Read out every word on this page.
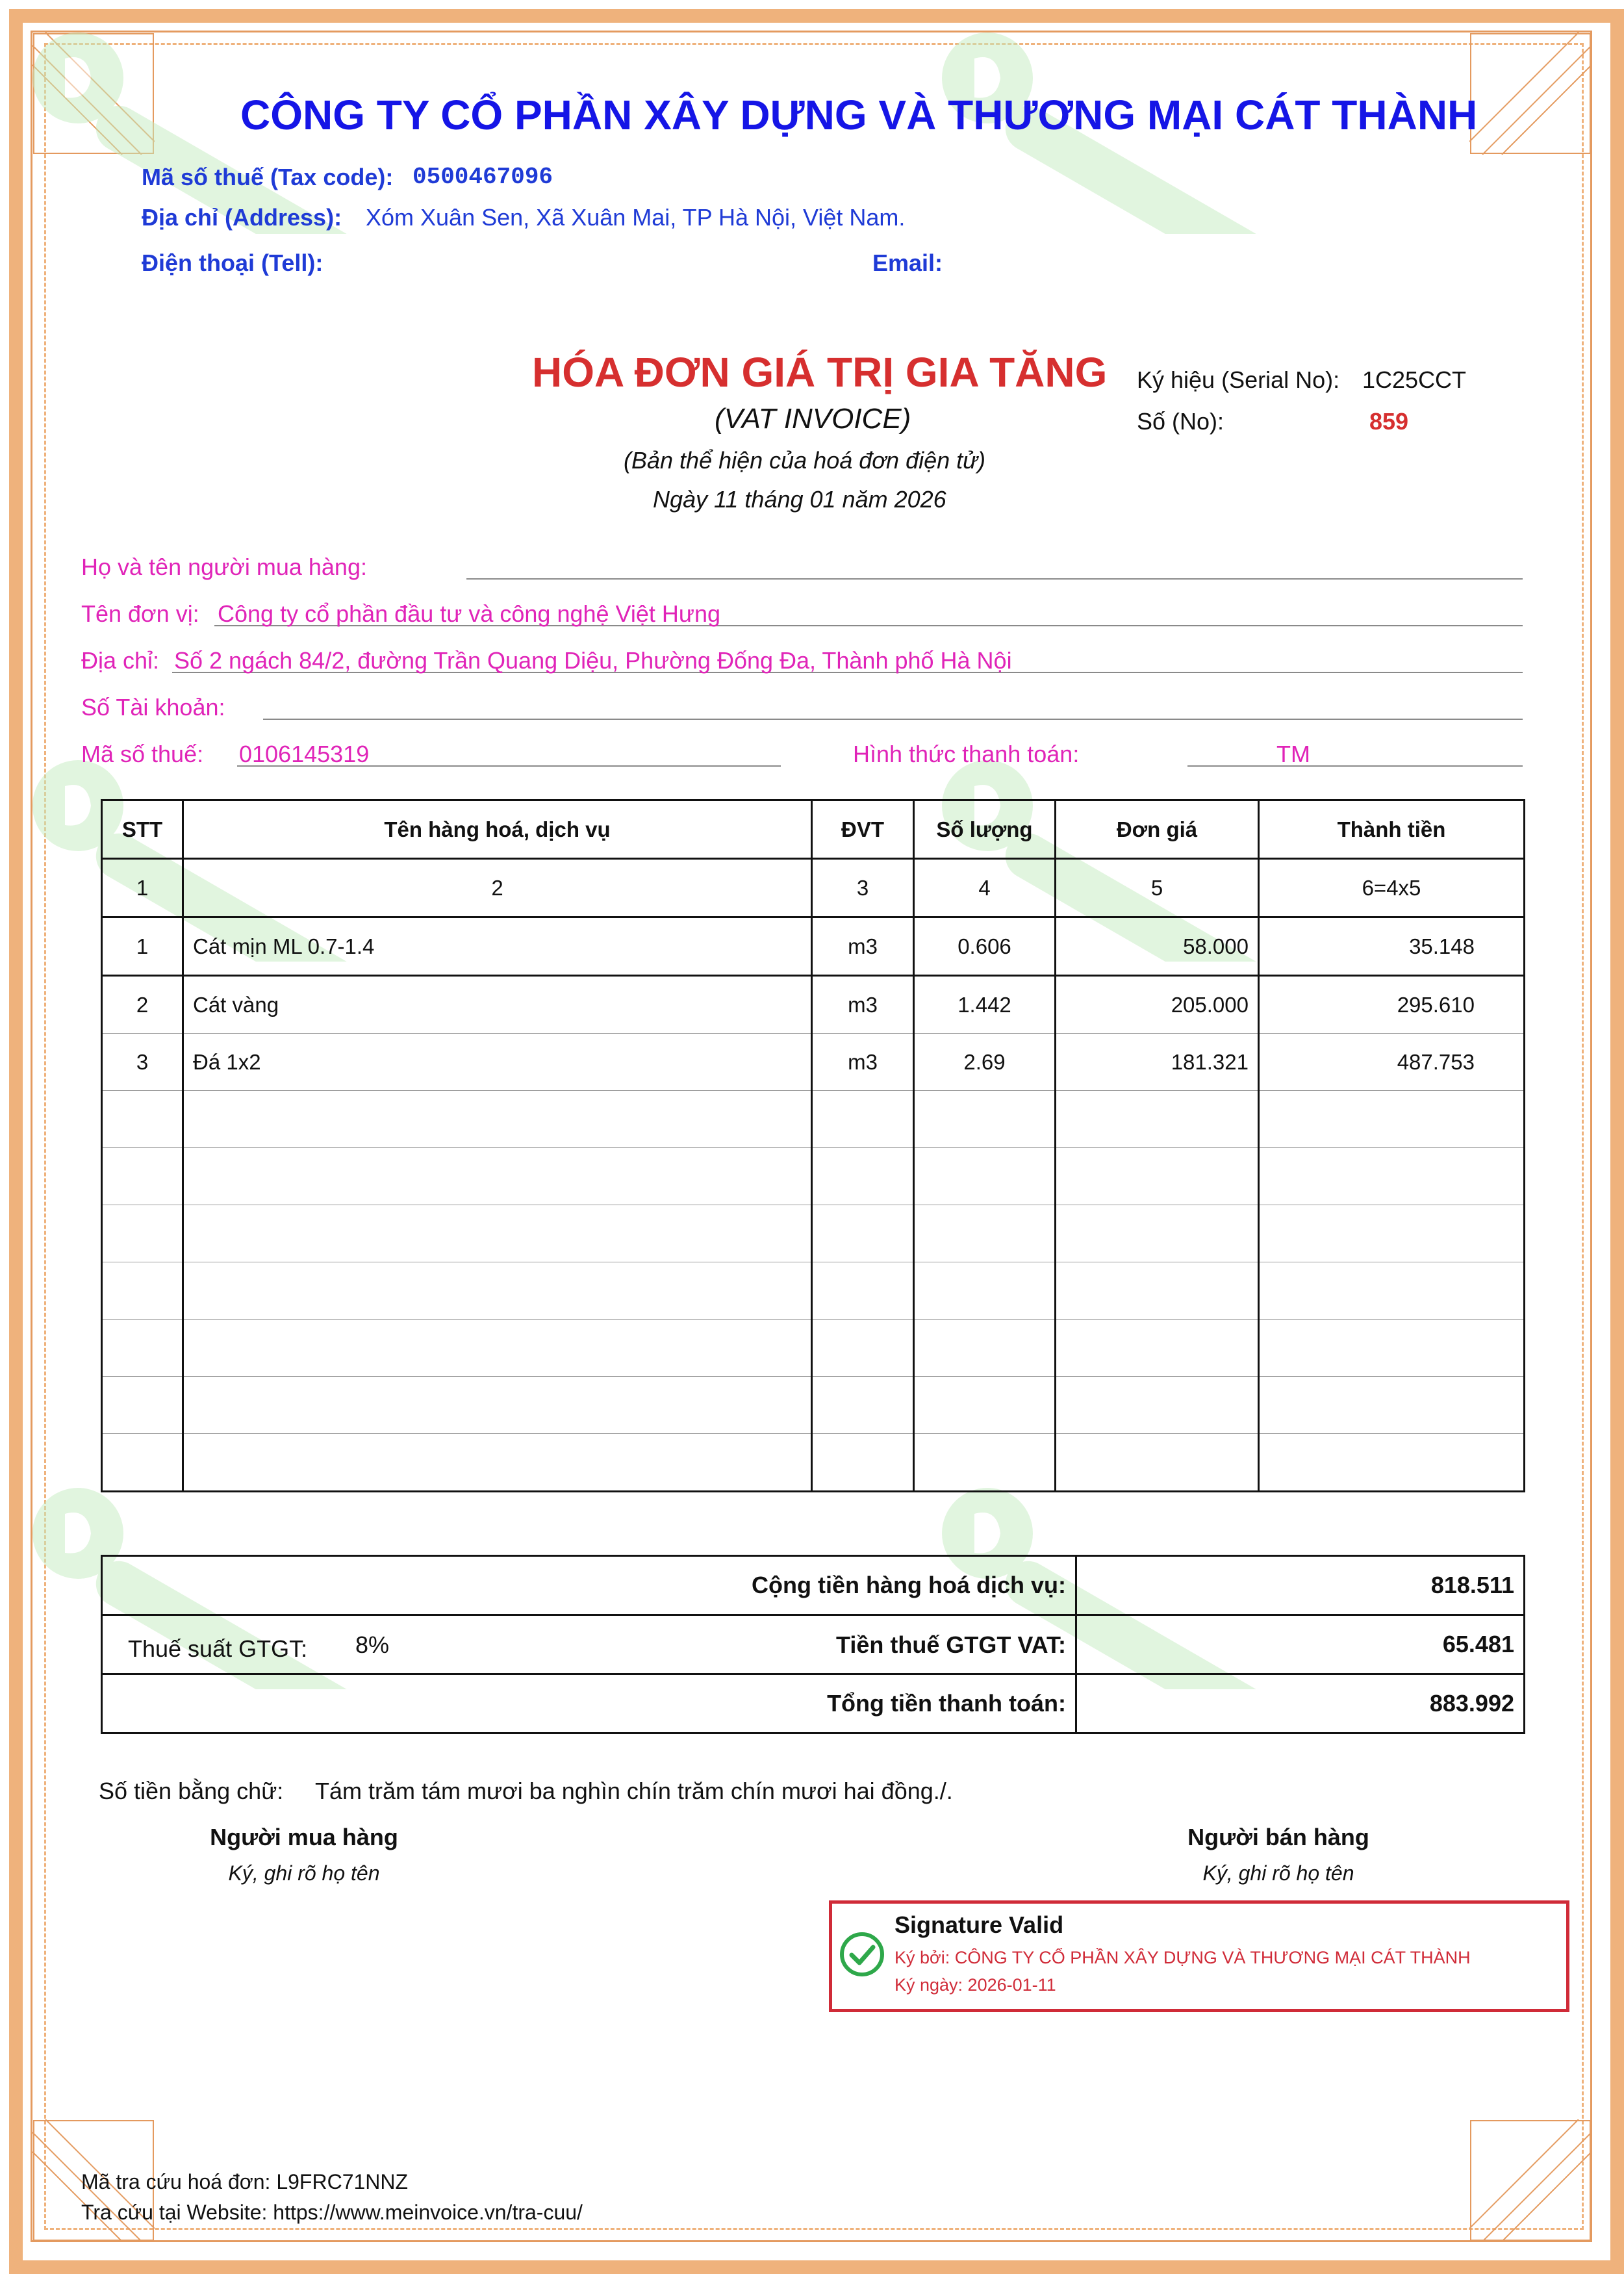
CÔNG TY CỔ PHẦN XÂY DỰNG VÀ THƯƠNG MẠI CÁT THÀNH
Mã số thuế (Tax code): 0500467096
Địa chỉ (Address): Xóm Xuân Sen, Xã Xuân Mai, TP Hà Nội, Việt Nam.
Điện thoại (Tell):	Email:
HÓA ĐƠN GIÁ TRỊ GIA TĂNG
(VAT INVOICE)
(Bản thể hiện của hoá đơn điện tử)
Ngày 11 tháng 01 năm 2026
Ký hiệu (Serial No): 1C25CCT
Số (No):	859
Họ và tên người mua hàng:
Tên đơn vị: Công ty cổ phần đầu tư và công nghệ Việt Hưng
Địa chỉ: Số 2 ngách 84/2, đường Trần Quang Diệu, Phường Đống Đa, Thành phố Hà Nội
Số Tài khoản:
Mã số thuế: 0106145319	Hình thức thanh toán:	TM
STT	Tên hàng hoá, dịch vụ	ĐVT	Số lượng	Đơn giá	Thành tiền
1	2	3	4	5	6=4x5
1	Cát mịn ML 0.7-1.4	m3	0.606	58.000	35.148
2	Cát vàng	m3	1.442	205.000	295.610
3	Đá 1x2	m3	2.69	181.321	487.753

Cộng tiền hàng hoá dịch vụ:	818.511

Thuế suất GTGT: 8% Tiền thuế GTGT VAT:	65.481
Tổng tiền thanh toán:	883.992
Số tiền bằng chữ: Tám trăm tám mươi ba nghìn chín trăm chín mươi hai đồng./.
Người mua hàng
Ký, ghi rõ họ tên
Người bán hàng
Ký, ghi rõ họ tên
Signature Valid
Ký bởi: CÔNG TY CỔ PHẦN XÂY DỰNG VÀ THƯƠNG MẠI CÁT THÀNH
Ký ngày: 2026-01-11
Mã tra cứu hoá đơn: L9FRC71NNZ
Tra cứu tại Website: https://www.meinvoice.vn/tra-cuu/
